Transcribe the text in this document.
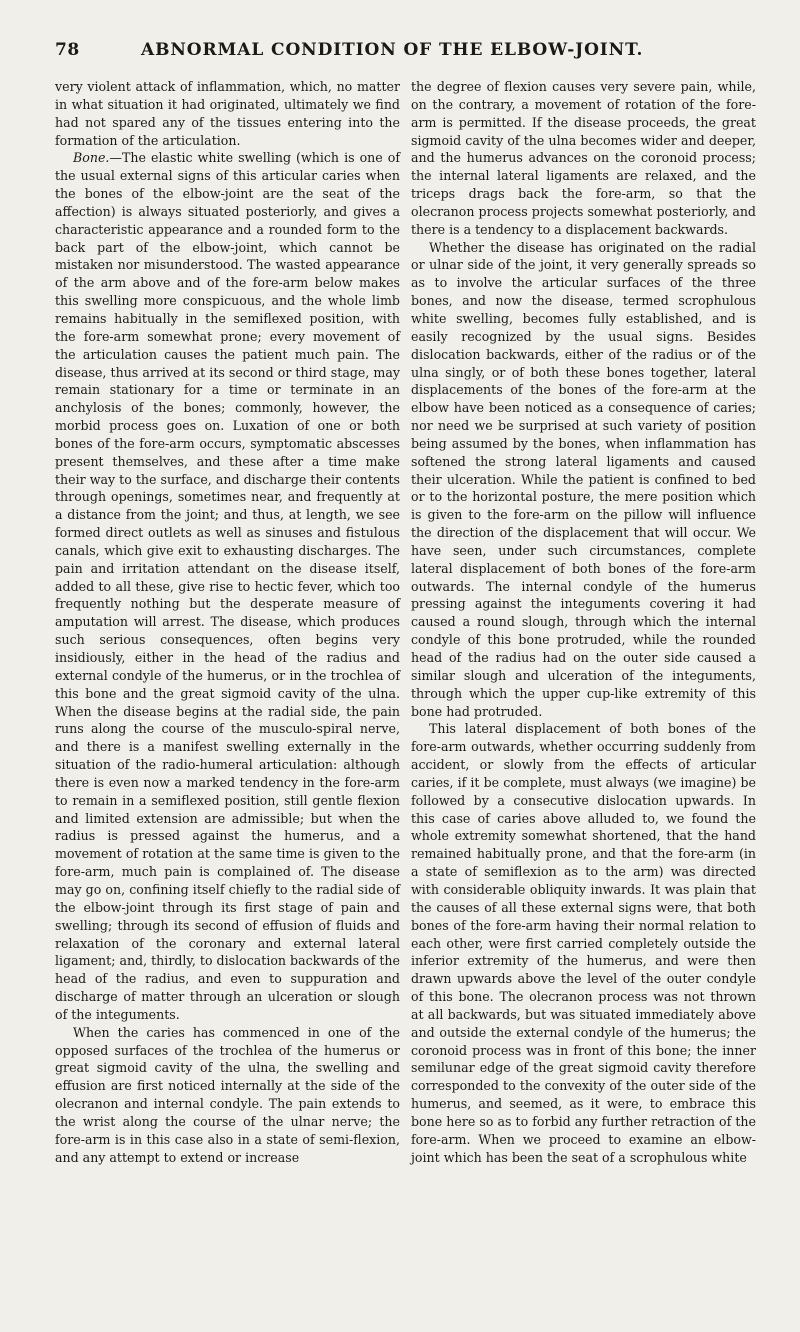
78	ABNORMAL CONDITION OF THE ELBOW-JOINT.

very violent attack of inflammation, which, no matter in what situation it had originated, ultimately we find had not spared any of the tissues entering into the formation of the articulation.

Bone.—The elastic white swelling (which is one of the usual external signs of this articular caries when the bones of the elbow-joint are the seat of the affection) is always situated posteriorly, and gives a characteristic appearance and a rounded form to the back part of the elbow-joint, which cannot be mistaken nor misunderstood. The wasted appearance of the arm above and of the fore-arm below makes this swelling more conspicuous, and the whole limb remains habitually in the semiflexed position, with the fore-arm somewhat prone; every movement of the articulation causes the patient much pain. The disease, thus arrived at its second or third stage, may remain stationary for a time or terminate in an anchylosis of the bones; commonly, however, the morbid process goes on. Luxation of one or both bones of the fore-arm occurs, symptomatic abscesses present themselves, and these after a time make their way to the surface, and discharge their contents through openings, sometimes near, and frequently at a distance from the joint; and thus, at length, we see formed direct outlets as well as sinuses and fistulous canals, which give exit to exhausting discharges. The pain and irritation attendant on the disease itself, added to all these, give rise to hectic fever, which too frequently nothing but the desperate measure of amputation will arrest. The disease, which produces such serious consequences, often begins very insidiously, either in the head of the radius and external condyle of the humerus, or in the trochlea of this bone and the great sigmoid cavity of the ulna. When the disease begins at the radial side, the pain runs along the course of the musculo-spiral nerve, and there is a manifest swelling externally in the situation of the radio-humeral articulation: although there is even now a marked tendency in the fore-arm to remain in a semiflexed position, still gentle flexion and limited extension are admissible; but when the radius is pressed against the humerus, and a movement of rotation at the same time is given to the fore-arm, much pain is complained of. The disease may go on, confining itself chiefly to the radial side of the elbow-joint through its first stage of pain and swelling; through its second of effusion of fluids and relaxation of the coronary and external lateral ligament; and, thirdly, to dislocation backwards of the head of the radius, and even to suppuration and discharge of matter through an ulceration or slough of the integuments.

When the caries has commenced in one of the opposed surfaces of the trochlea of the humerus or great sigmoid cavity of the ulna, the swelling and effusion are first noticed internally at the side of the olecranon and internal condyle. The pain extends to the wrist along the course of the ulnar nerve; the fore-arm is in this case also in a state of semi-flexion, and any attempt to extend or increase

the degree of flexion causes very severe pain, while, on the contrary, a movement of rotation of the fore-arm is permitted. If the disease proceeds, the great sigmoid cavity of the ulna becomes wider and deeper, and the humerus advances on the coronoid process; the internal lateral ligaments are relaxed, and the triceps drags back the fore-arm, so that the olecranon process projects somewhat posteriorly, and there is a tendency to a displacement backwards.

Whether the disease has originated on the radial or ulnar side of the joint, it very generally spreads so as to involve the articular surfaces of the three bones, and now the disease, termed scrophulous white swelling, becomes fully established, and is easily recognized by the usual signs. Besides dislocation backwards, either of the radius or of the ulna singly, or of both these bones together, lateral displacements of the bones of the fore-arm at the elbow have been noticed as a consequence of caries; nor need we be surprised at such variety of position being assumed by the bones, when inflammation has softened the strong lateral ligaments and caused their ulceration. While the patient is confined to bed or to the horizontal posture, the mere position which is given to the fore-arm on the pillow will influence the direction of the displacement that will occur. We have seen, under such circumstances, complete lateral displacement of both bones of the fore-arm outwards. The internal condyle of the humerus pressing against the integuments covering it had caused a round slough, through which the internal condyle of this bone protruded, while the rounded head of the radius had on the outer side caused a similar slough and ulceration of the integuments, through which the upper cup-like extremity of this bone had protruded.

This lateral displacement of both bones of the fore-arm outwards, whether occurring suddenly from accident, or slowly from the effects of articular caries, if it be complete, must always (we imagine) be followed by a consecutive dislocation upwards. In this case of caries above alluded to, we found the whole extremity somewhat shortened, that the hand remained habitually prone, and that the fore-arm (in a state of semiflexion as to the arm) was directed with considerable obliquity inwards. It was plain that the causes of all these external signs were, that both bones of the fore-arm having their normal relation to each other, were first carried completely outside the inferior extremity of the humerus, and were then drawn upwards above the level of the outer condyle of this bone. The olecranon process was not thrown at all backwards, but was situated immediately above and outside the external condyle of the humerus; the coronoid process was in front of this bone; the inner semilunar edge of the great sigmoid cavity therefore corresponded to the convexity of the outer side of the humerus, and seemed, as it were, to embrace this bone here so as to forbid any further retraction of the fore-arm. When we proceed to examine an elbow-joint which has been the seat of a scrophulous white
